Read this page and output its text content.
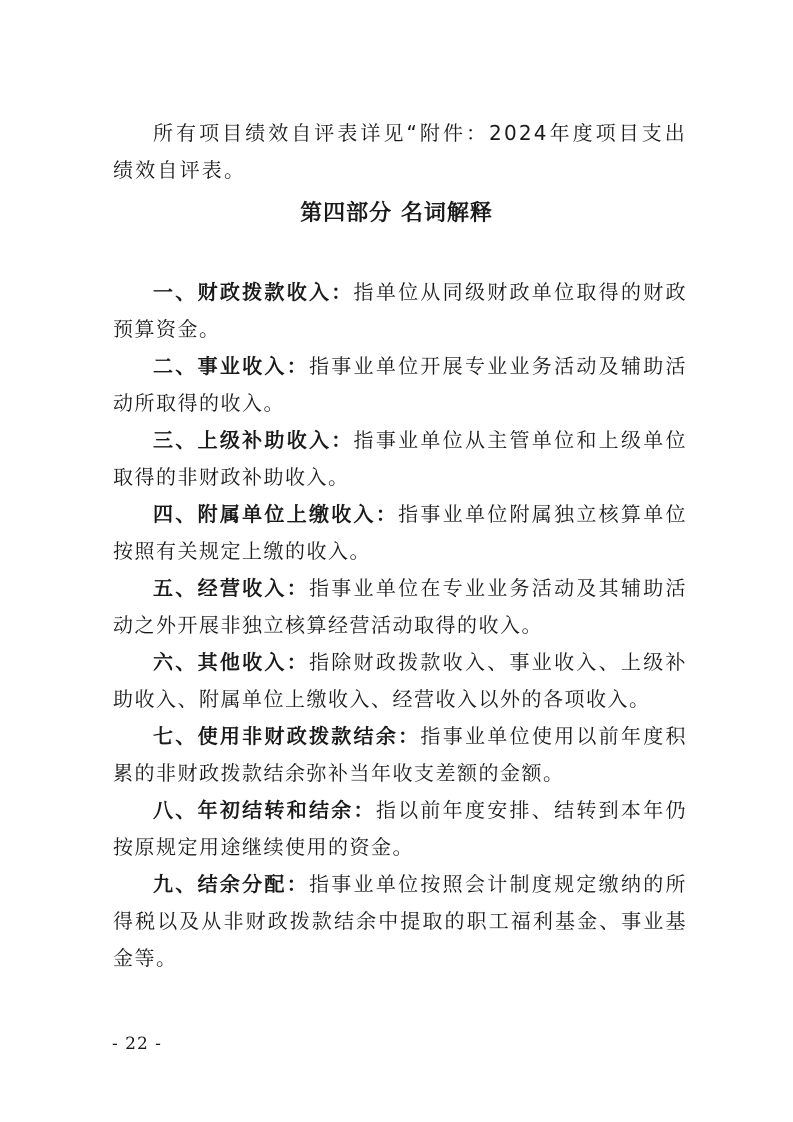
所有项目绩效自评表详见“附件：2024年度项目支出绩效自评表。

第四部分 名词解释

一、财政拨款收入：指单位从同级财政单位取得的财政预算资金。

二、事业收入：指事业单位开展专业业务活动及辅助活动所取得的收入。

三、上级补助收入：指事业单位从主管单位和上级单位取得的非财政补助收入。

四、附属单位上缴收入：指事业单位附属独立核算单位按照有关规定上缴的收入。

五、经营收入：指事业单位在专业业务活动及其辅助活动之外开展非独立核算经营活动取得的收入。

六、其他收入：指除财政拨款收入、事业收入、上级补助收入、附属单位上缴收入、经营收入以外的各项收入。

七、使用非财政拨款结余：指事业单位使用以前年度积累的非财政拨款结余弥补当年收支差额的金额。

八、年初结转和结余：指以前年度安排、结转到本年仍按原规定用途继续使用的资金。

九、结余分配：指事业单位按照会计制度规定缴纳的所得税以及从非财政拨款结余中提取的职工福利基金、事业基金等。

- 22 -
